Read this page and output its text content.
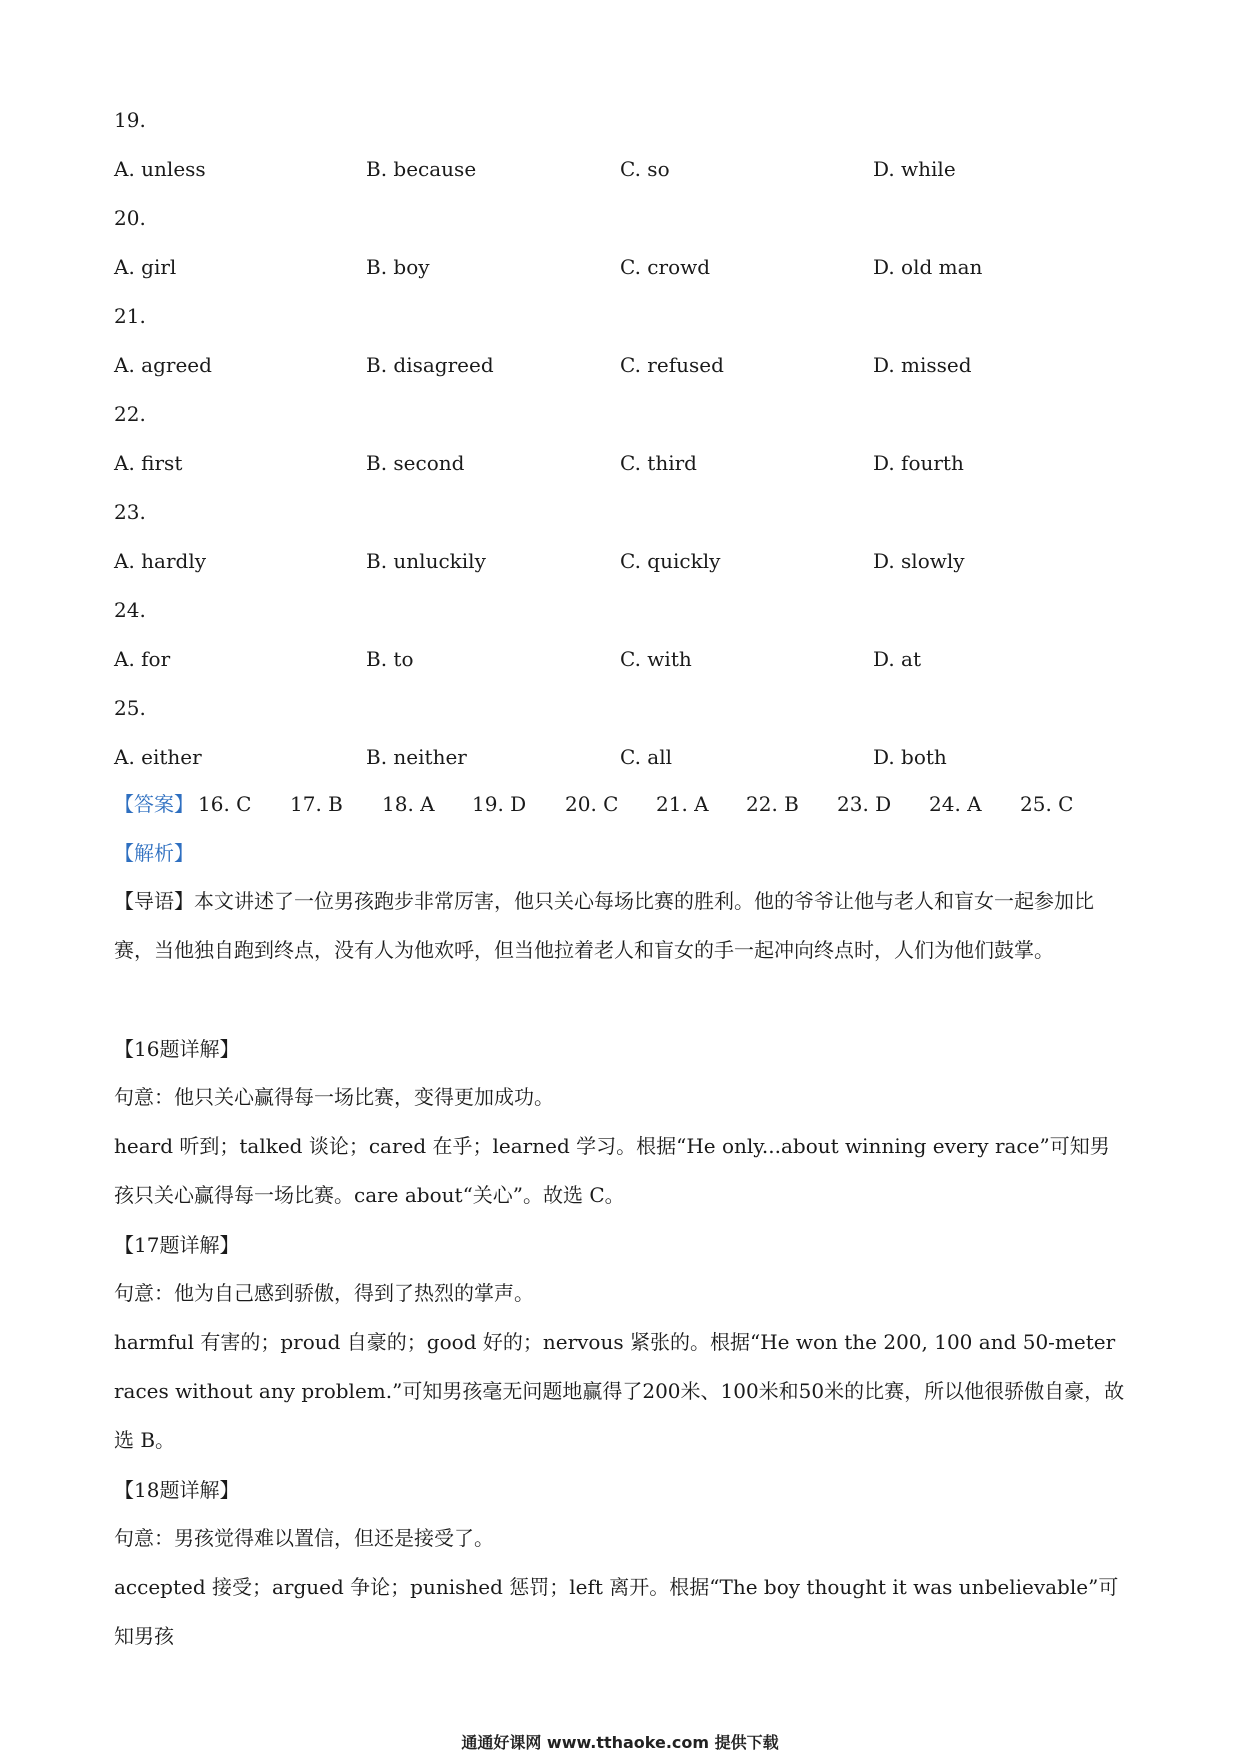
19.
A. unless	B. because	C. so	D. while
20.
A. girl	B. boy	C. crowd	D. old man
21.
A. agreed	B. disagreed	C. refused	D. missed
22.
A. first	B. second	C. third	D. fourth
23.
A. hardly	B. unluckily	C. quickly	D. slowly
24.
A. for	B. to	C. with	D. at
25.
A. either	B. neither	C. all	D. both
【答案】 16. C 17. B 18. A 19. D 20. C 21. A 22. B 23. D 24. A 25. C
【解析】
【导语】本文讲述了一位男孩跑步非常厉害，他只关心每场比赛的胜利。他的爷爷让他与老人和盲女一起参加比赛，当他独自跑到终点，没有人为他欢呼，但当他拉着老人和盲女的手一起冲向终点时，人们为他们鼓掌。
【16题详解】
句意：他只关心赢得每一场比赛，变得更加成功。
heard 听到；talked 谈论；cared 在乎；learned 学习。根据“He only...about winning every race”可知男孩只关心赢得每一场比赛。care about“关心”。故选 C。
【17题详解】
句意：他为自己感到骄傲，得到了热烈的掌声。
harmful 有害的；proud 自豪的；good 好的；nervous 紧张的。根据“He won the 200, 100 and 50-meter races without any problem.”可知男孩毫无问题地赢得了200米、100米和50米的比赛，所以他很骄傲自豪，故选 B。
【18题详解】
句意：男孩觉得难以置信，但还是接受了。
accepted 接受；argued 争论；punished 惩罚；left 离开。根据“The boy thought it was unbelievable”可知男孩
通通好课网 www.tthaoke.com 提供下载
